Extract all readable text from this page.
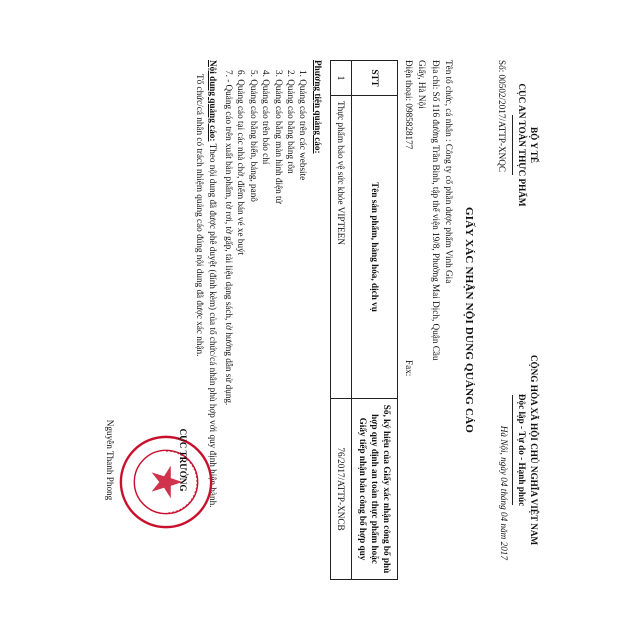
BỘ Y TẾ
CỤC AN TOÀN THỰC PHẨM
Số: 00502/2017/ATTP-XNQC
CỘNG HÒA XÃ HỘI CHỦ NGHĨA VIỆT NAM
Độc lập - Tự do - Hạnh phúc
Hà Nội, ngày 04 tháng 04 năm 2017
GIẤY XÁC NHẬN NỘI DUNG QUẢNG CÁO
Tên tổ chức, cá nhân : Công ty cổ phần dược phẩm Vinh Gia
Địa chỉ: Số 116 đường Trần Bình, tập thể viện 19/8, Phường Mai Dịch, Quận Cầu
Giấy, Hà Nội
Điện thoại: 0985828177
Fax:
STT	Tên sản phẩm, hàng hóa, dịch vụ	Số, ký hiệu của Giấy xác nhận công bố phù hợp quy định an toàn thực phẩm hoặc Giấy tiếp nhận bản công bố hợp quy
1	Thực phẩm bảo vệ sức khỏe VIPTEEN	76/2017/ATTP-XNCB
Phương tiện quảng cáo:
1. Quảng cáo trên các website
2. Quảng cáo bằng băng rôn
3. Quảng cáo bằng màn hình điện tử
4. Quảng cáo trên báo chí
5. Quảng cáo bằng biển, bảng, panô
6. Quảng cáo tại các nhà chờ, điểm bán vé xe buýt
7. - Quảng cáo trên xuất bản phẩm, tờ rơi, tờ gấp, tài liệu dạng sách, tờ hướng dẫn sử dụng.
Nội dung quảng cáo: Theo nội dung đã được phê duyệt (đính kèm) của tổ chức/cá nhân phù hợp với quy định hiện hành.
Tổ chức/cá nhân có trách nhiệm quảng cáo đúng nội dung đã được xác nhận.
CỤC TRƯỞNG
Nguyễn Thanh Phong
